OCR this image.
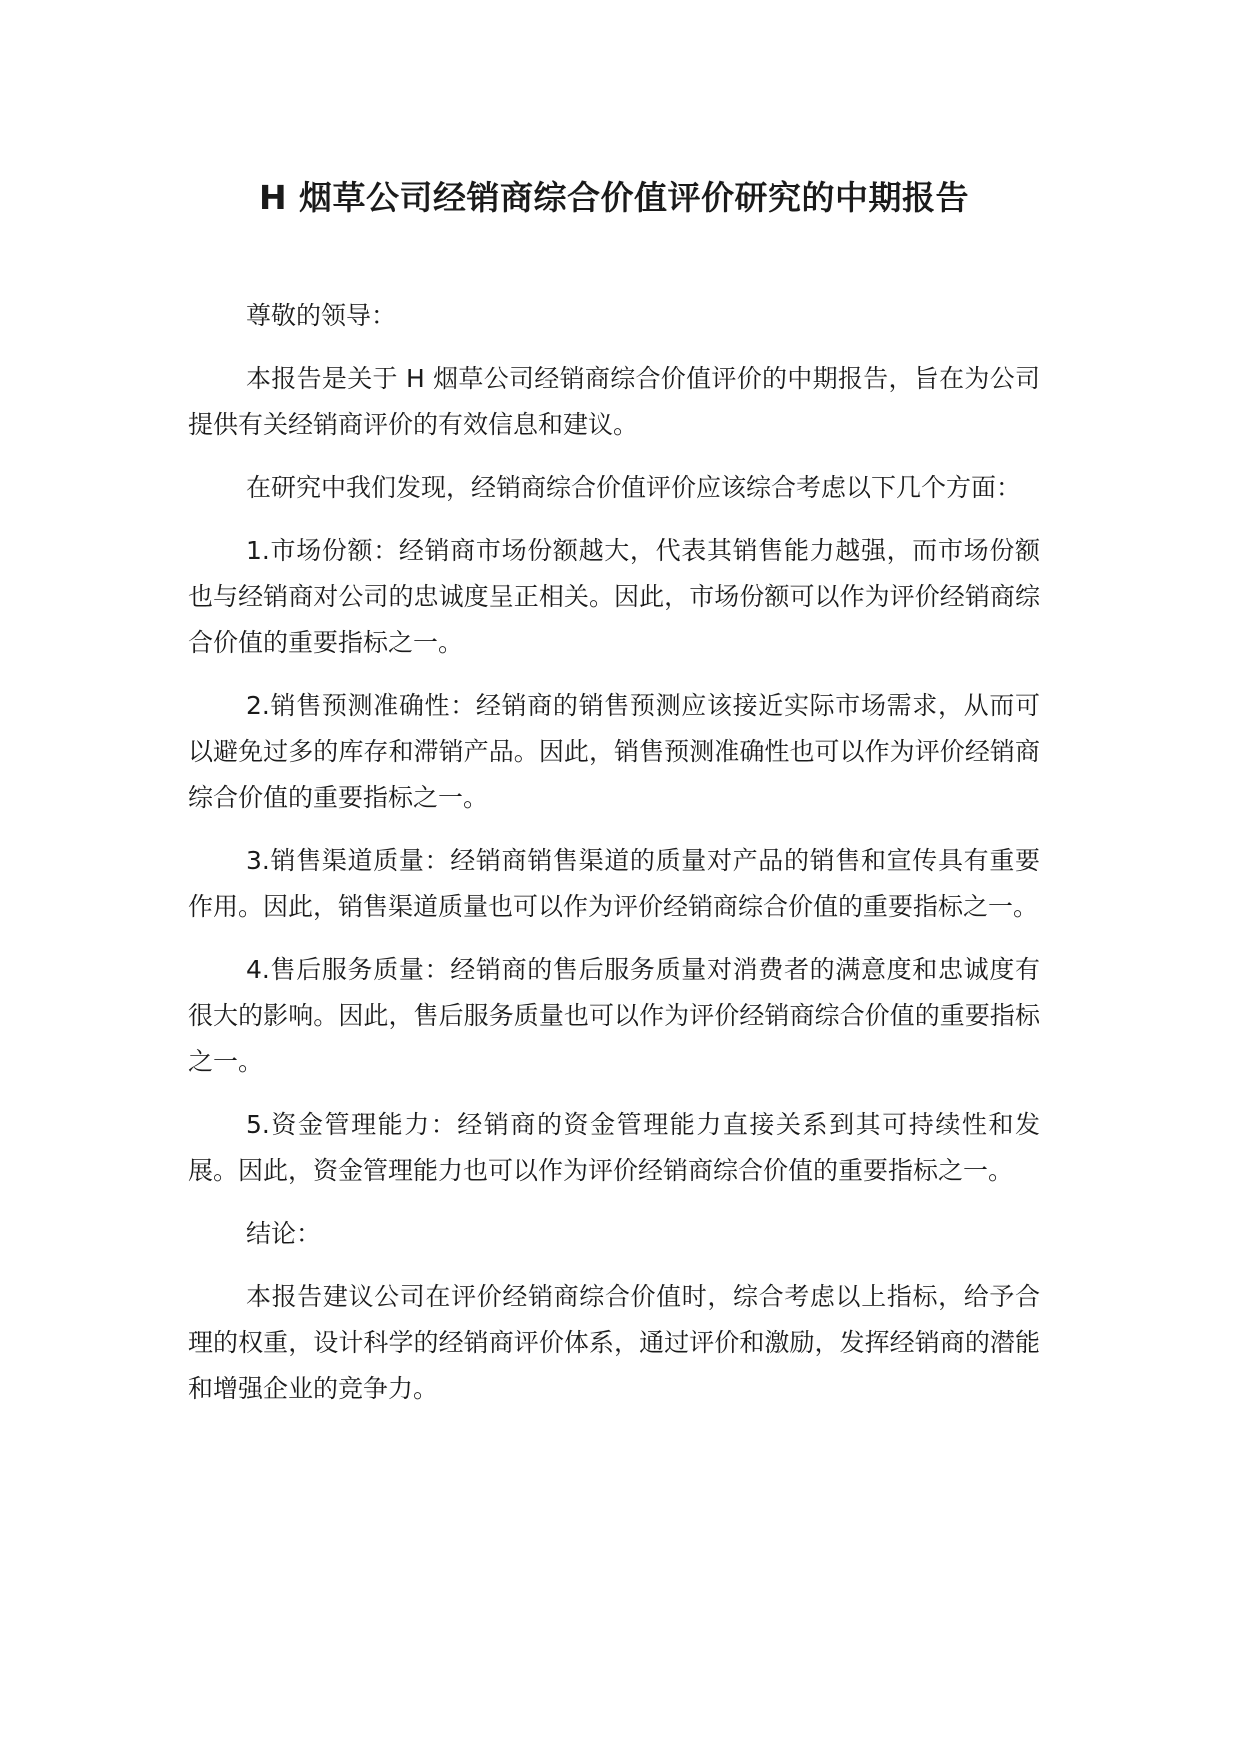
H 烟草公司经销商综合价值评价研究的中期报告

尊敬的领导：

本报告是关于 H 烟草公司经销商综合价值评价的中期报告，旨在为公司提供有关经销商评价的有效信息和建议。

在研究中我们发现，经销商综合价值评价应该综合考虑以下几个方面：

1.市场份额：经销商市场份额越大，代表其销售能力越强，而市场份额也与经销商对公司的忠诚度呈正相关。因此，市场份额可以作为评价经销商综合价值的重要指标之一。

2.销售预测准确性：经销商的销售预测应该接近实际市场需求，从而可以避免过多的库存和滞销产品。因此，销售预测准确性也可以作为评价经销商综合价值的重要指标之一。

3.销售渠道质量：经销商销售渠道的质量对产品的销售和宣传具有重要作用。因此，销售渠道质量也可以作为评价经销商综合价值的重要指标之一。

4.售后服务质量：经销商的售后服务质量对消费者的满意度和忠诚度有很大的影响。因此，售后服务质量也可以作为评价经销商综合价值的重要指标之一。

5.资金管理能力：经销商的资金管理能力直接关系到其可持续性和发展。因此，资金管理能力也可以作为评价经销商综合价值的重要指标之一。

结论：

本报告建议公司在评价经销商综合价值时，综合考虑以上指标，给予合理的权重，设计科学的经销商评价体系，通过评价和激励，发挥经销商的潜能和增强企业的竞争力。
